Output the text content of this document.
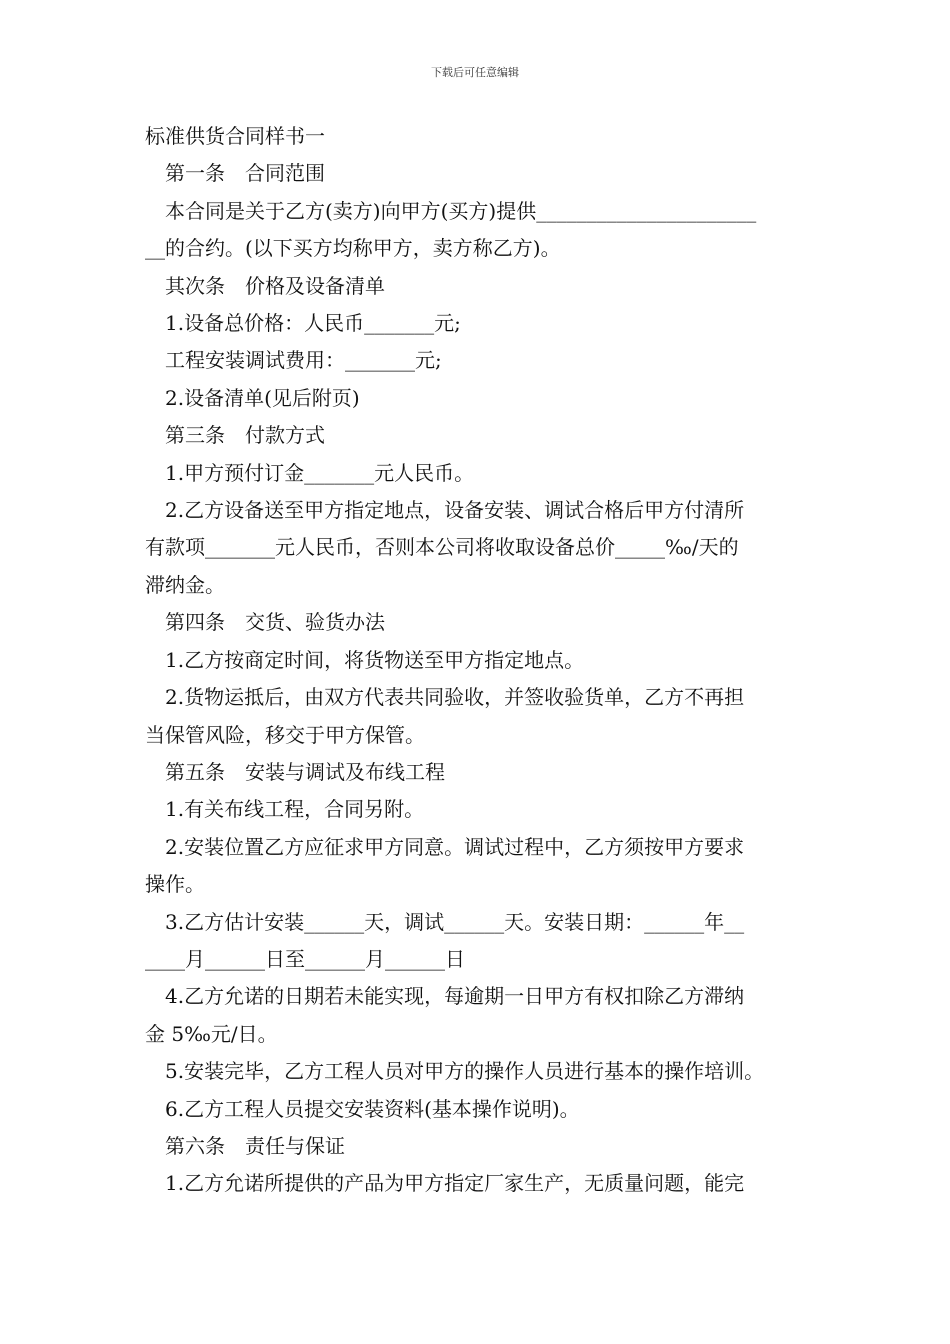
下载后可任意编辑

标准供货合同样书一

第一条　合同范围

本合同是关于乙方(卖方)向甲方(买方)提供______________________

__的合约。(以下买方均称甲方，卖方称乙方)。

其次条　价格及设备清单

1.设备总价格：人民币_______元;

工程安装调试费用：_______元;

2.设备清单(见后附页)

第三条　付款方式

1.甲方预付订金_______元人民币。

2.乙方设备送至甲方指定地点，设备安装、调试合格后甲方付清所

有款项_______元人民币，否则本公司将收取设备总价_____‰/天的

滞纳金。

第四条　交货、验货办法

1.乙方按商定时间，将货物送至甲方指定地点。

2.货物运抵后，由双方代表共同验收，并签收验货单，乙方不再担

当保管风险，移交于甲方保管。

第五条　安装与调试及布线工程

1.有关布线工程，合同另附。

2.安装位置乙方应征求甲方同意。调试过程中，乙方须按甲方要求

操作。

3.乙方估计安装______天，调试______天。安装日期：______年__

____月______日至______月______日

4.乙方允诺的日期若未能实现，每逾期一日甲方有权扣除乙方滞纳

金 5‰元/日。

5.安装完毕，乙方工程人员对甲方的操作人员进行基本的操作培训。

6.乙方工程人员提交安装资料(基本操作说明)。

第六条　责任与保证

1.乙方允诺所提供的产品为甲方指定厂家生产，无质量问题，能完
